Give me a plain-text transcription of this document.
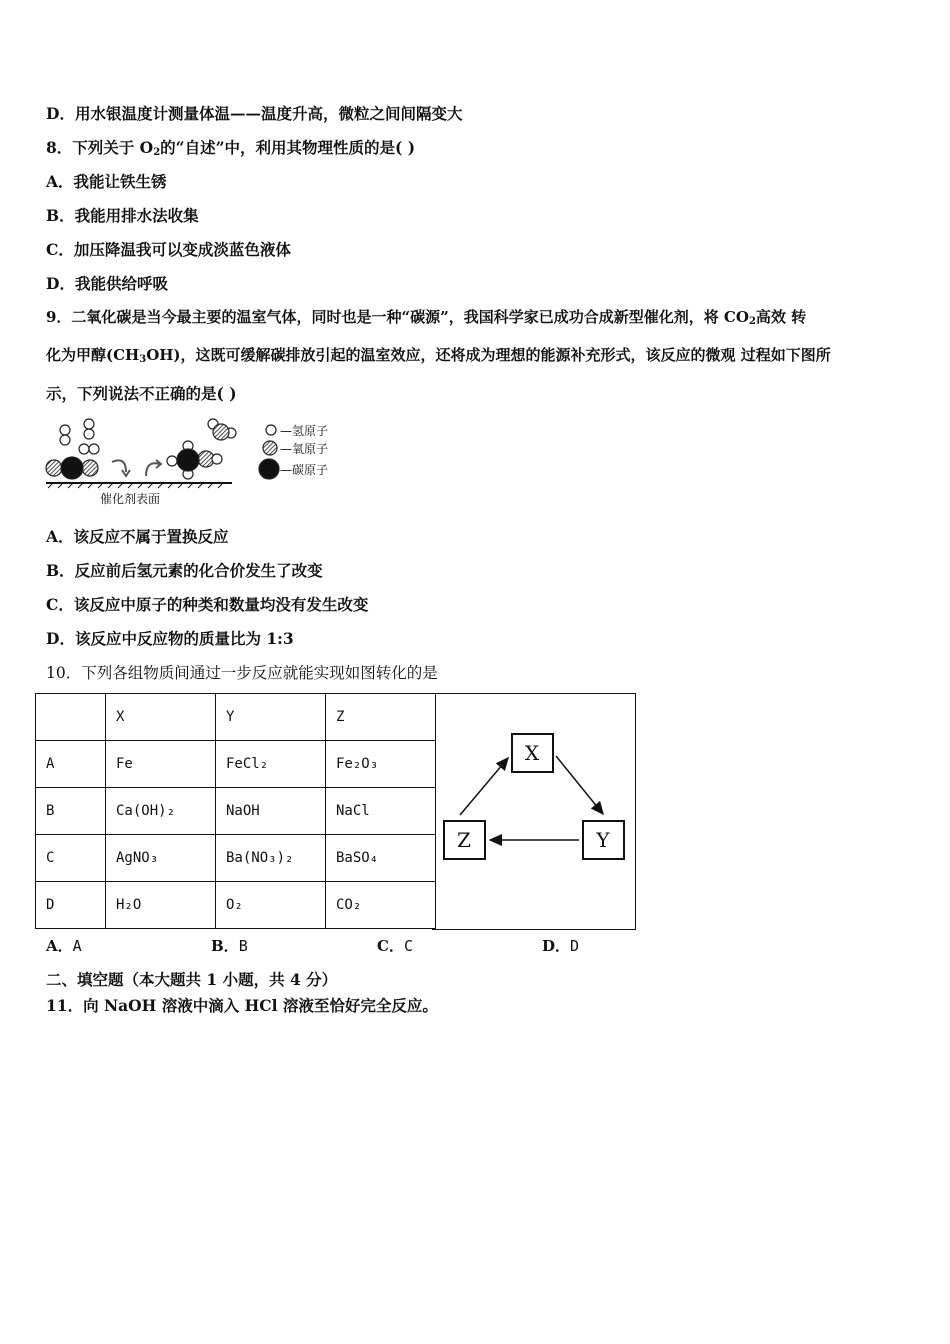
D．用水银温度计测量体温——温度升高，微粒之间间隔变大
8．下列关于 $O_2$的“自述”中，利用其物理性质的是( )
A．我能让铁生锈
B．我能用排水法收集
C．加压降温我可以变成淡蓝色液体
D．我能供给呼吸
9．二氧化碳是当今最主要的温室气体，同时也是一种“碳源”，我国科学家已成功合成新型催化剂，将 $CO_2$高效 转
化为甲醇$(CH_3OH)$，这既可缓解碳排放引起的温室效应，还将成为理想的能源补充形式，该反应的微观 过程如下图所
示，下列说法不正确的是( )
催化剂表面
—氢原子
—氧原子
—碳原子
A．该反应不属于置换反应
B．反应前后氢元素的化合价发生了改变
C．该反应中原子的种类和数量均没有发生改变
D．该反应中反应物的质量比为 1:3
10．下列各组物质间通过一步反应就能实现如图转化的是
	X	Y	Z
A	Fe	FeCl₂	Fe₂O₃
B	Ca(OH)₂	NaOH	NaCl
C	AgNO₃	Ba(NO₃)₂	BaSO₄
D	H₂O	O₂	CO₂
X
Z	Y
A．A	B．B	C．C	D．D
二、填空题（本大题共 1 小题，共 4 分）
11．向 NaOH 溶液中滴入 HCl 溶液至恰好完全反应。
